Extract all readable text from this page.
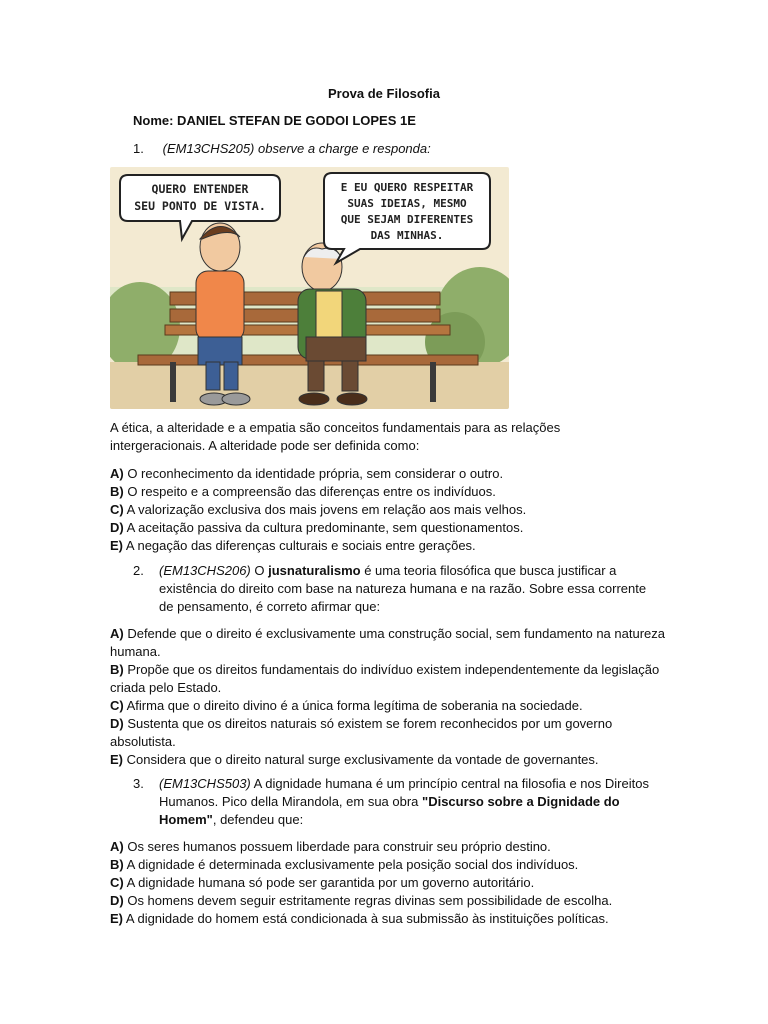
Prova de Filosofia
Nome: DANIEL STEFAN DE GODOI LOPES 1E
1. (EM13CHS205) observe a charge e responda:
QUERO ENTENDER
SEU PONTO DE VISTA.
E EU QUERO RESPEITAR
SUAS IDEIAS, MESMO
QUE SEJAM DIFERENTES
DAS MINHAS.
A ética, a alteridade e a empatia são conceitos fundamentais para as relações intergeracionais. A alteridade pode ser definida como:
A) O reconhecimento da identidade própria, sem considerar o outro.
B) O respeito e a compreensão das diferenças entre os indivíduos.
C) A valorização exclusiva dos mais jovens em relação aos mais velhos.
D) A aceitação passiva da cultura predominante, sem questionamentos.
E) A negação das diferenças culturais e sociais entre gerações.
2.	(EM13CHS206) O jusnaturalismo é uma teoria filosófica que busca justificar a existência do direito com base na natureza humana e na razão. Sobre essa corrente de pensamento, é correto afirmar que:
A) Defende que o direito é exclusivamente uma construção social, sem fundamento na natureza humana.
B) Propõe que os direitos fundamentais do indivíduo existem independentemente da legislação criada pelo Estado.
C) Afirma que o direito divino é a única forma legítima de soberania na sociedade.
D) Sustenta que os direitos naturais só existem se forem reconhecidos por um governo absolutista.
E) Considera que o direito natural surge exclusivamente da vontade de governantes.
3.	(EM13CHS503) A dignidade humana é um princípio central na filosofia e nos Direitos Humanos. Pico della Mirandola, em sua obra "Discurso sobre a Dignidade do Homem", defendeu que:
A) Os seres humanos possuem liberdade para construir seu próprio destino.
B) A dignidade é determinada exclusivamente pela posição social dos indivíduos.
C) A dignidade humana só pode ser garantida por um governo autoritário.
D) Os homens devem seguir estritamente regras divinas sem possibilidade de escolha.
E) A dignidade do homem está condicionada à sua submissão às instituições políticas.
